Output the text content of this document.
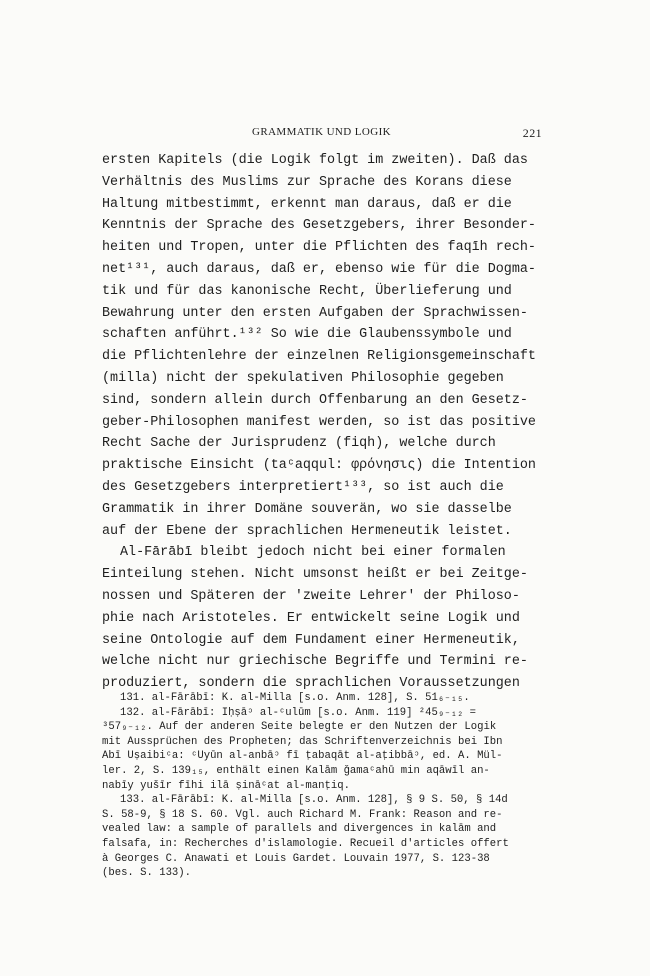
GRAMMATIK UND LOGIK	221
ersten Kapitels (die Logik folgt im zweiten). Daß das
Verhältnis des Muslims zur Sprache des Korans diese
Haltung mitbestimmt, erkennt man daraus, daß er die
Kenntnis der Sprache des Gesetzgebers, ihrer Besonder-
heiten und Tropen, unter die Pflichten des faqīh rech-
net¹³¹, auch daraus, daß er, ebenso wie für die Dogma-
tik und für das kanonische Recht, Überlieferung und
Bewahrung unter den ersten Aufgaben der Sprachwissen-
schaften anführt.¹³² So wie die Glaubenssymbole und
die Pflichtenlehre der einzelnen Religionsgemeinschaft
(milla) nicht der spekulativen Philosophie gegeben
sind, sondern allein durch Offenbarung an den Gesetz-
geber-Philosophen manifest werden, so ist das positive
Recht Sache der Jurisprudenz (fiqh), welche durch
praktische Einsicht (taᶜaqqul: φρόνησις) die Intention
des Gesetzgebers interpretiert¹³³, so ist auch die
Grammatik in ihrer Domäne souverän, wo sie dasselbe
auf der Ebene der sprachlichen Hermeneutik leistet.
Al-Fārābī bleibt jedoch nicht bei einer formalen
Einteilung stehen. Nicht umsonst heißt er bei Zeitge-
nossen und Späteren der 'zweite Lehrer' der Philoso-
phie nach Aristoteles. Er entwickelt seine Logik und
seine Ontologie auf dem Fundament einer Hermeneutik,
welche nicht nur griechische Begriffe und Termini re-
produziert, sondern die sprachlichen Voraussetzungen
131. al-Fārābī: K. al-Milla [s.o. Anm. 128], S. 51₆₋₁₅.
132. al-Fārābī: Iḥṣāᵓ al-ᶜulūm [s.o. Anm. 119] ²45₉₋₁₂ =
³57₉₋₁₂. Auf der anderen Seite belegte er den Nutzen der Logik
mit Aussprüchen des Propheten; das Schriftenverzeichnis bei Ibn
Abī Uṣaibiᶜa: ᶜUyūn al-anbāᵓ fī ṭabaqāt al-aṭibbāᵓ, ed. A. Mül-
ler. 2, S. 139₁₅, enthält einen Kalām ǧamaᶜahū min aqāwīl an-
nabīy yušīr fīhi ilā ṣināᶜat al-manṭiq.
133. al-Fārābī: K. al-Milla [s.o. Anm. 128], § 9 S. 50, § 14d
S. 58-9, § 18 S. 60. Vgl. auch Richard M. Frank: Reason and re-
vealed law: a sample of parallels and divergences in kalām and
falsafa, in: Recherches d'islamologie. Recueil d'articles offert
à Georges C. Anawati et Louis Gardet. Louvain 1977, S. 123-38
(bes. S. 133).
